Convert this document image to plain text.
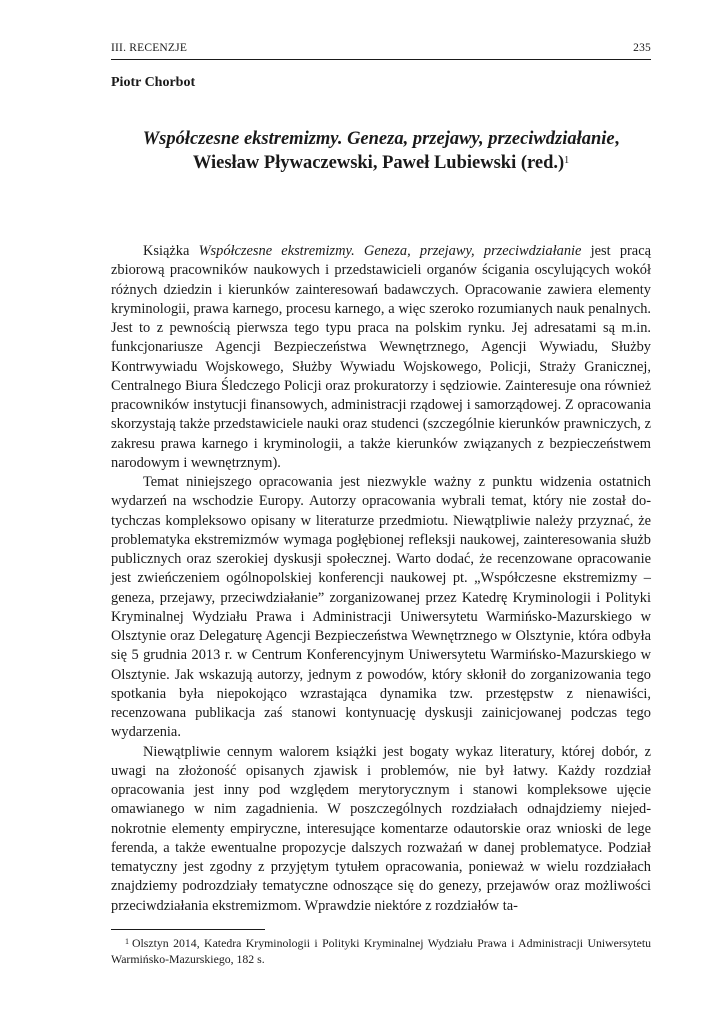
III. RECENZJE	235
Piotr Chorbot
Współczesne ekstremizmy. Geneza, przejawy, przeciwdziałanie,
Wiesław Pływaczewski, Paweł Lubiewski $(red.)^1$

Książka Współczesne ekstremizmy. Geneza, przejawy, przeciwdziałanie jest pracą zbiorową pracowników naukowych i przedstawicieli organów ścigania oscylujących wokół różnych dziedzin i kierunków zainteresowań badawczych. Opracowanie zawiera elementy kryminologii, prawa karnego, procesu karnego, a więc szeroko rozumianych nauk penalnych. Jest to z pewnością pierwsza tego typu praca na polskim rynku. Jej adresatami są m.in. funkcjonariusze Agencji Bezpieczeństwa Wewnętrznego, Agencji Wywiadu, Służby Kontrwywiadu Wojskowego, Służby Wywiadu Wojskowego, Policji, Straży Granicznej, Centralnego Biura Śledczego Policji oraz prokuratorzy i sędziowie. Zainteresuje ona również pracowników instytucji finansowych, administracji rządowej i samorządowej. Z opracowania skorzystają także przedstawiciele nauki oraz studenci (szczególnie kierunków prawniczych, z zakresu prawa karnego i kryminologii, a także kierunków związanych z bezpieczeństwem narodowym i wewnętrznym).

Temat niniejszego opracowania jest niezwykle ważny z punktu widzenia ostatnich wydarzeń na wschodzie Europy. Autorzy opracowania wybrali temat, który nie został dotychczas kompleksowo opisany w literaturze przedmiotu. Niewątpliwie należy przyznać, że problematyka ekstremizmów wymaga pogłębionej refleksji naukowej, zainteresowania służb publicznych oraz szerokiej dyskusji społecznej. Warto dodać, że recenzowane opracowanie jest zwieńczeniem ogólnopolskiej konferencji naukowej pt. „Współczesne ekstremizmy – geneza, przejawy, przeciwdziałanie” zorganizowanej przez Katedrę Kryminologii i Polityki Kryminalnej Wydziału Prawa i Administracji Uniwersytetu Warmińsko-Mazurskiego w Olsztynie oraz Delegaturę Agencji Bezpieczeństwa Wewnętrznego w Olsztynie, która odbyła się 5 grudnia 2013 r. w Centrum Konferencyjnym Uniwersytetu Warmińsko-Mazurskiego w Olsztynie. Jak wskazują autorzy, jednym z powodów, który skłonił do zorganizowania tego spotkania była niepokojąco wzrastająca dynamika tzw. przestępstw z nienawiści, recenzowana publikacja zaś stanowi kontynuację dyskusji zainicjowanej podczas tego wydarzenia.

Niewątpliwie cennym walorem książki jest bogaty wykaz literatury, której dobór, z uwagi na złożoność opisanych zjawisk i problemów, nie był łatwy. Każdy rozdział opracowania jest inny pod względem merytorycznym i stanowi kompleksowe ujęcie omawianego w nim zagadnienia. W poszczególnych rozdziałach odnajdziemy niejednokrotnie elementy empiryczne, interesujące komentarze odautorskie oraz wnioski de lege ferenda, a także ewentualne propozycje dalszych rozważań w danej problematyce. Podział tematyczny jest zgodny z przyjętym tytułem opracowania, ponieważ w wielu rozdziałach znajdziemy podrozdziały tematyczne odnoszące się do genezy, przejawów oraz możliwości przeciwdziałania ekstremizmom. Wprawdzie niektóre z rozdziałów ta-

$^1$ Olsztyn 2014, Katedra Kryminologii i Polityki Kryminalnej Wydziału Prawa i Administracji Uniwersytetu Warmińsko-Mazurskiego, 182 s.
